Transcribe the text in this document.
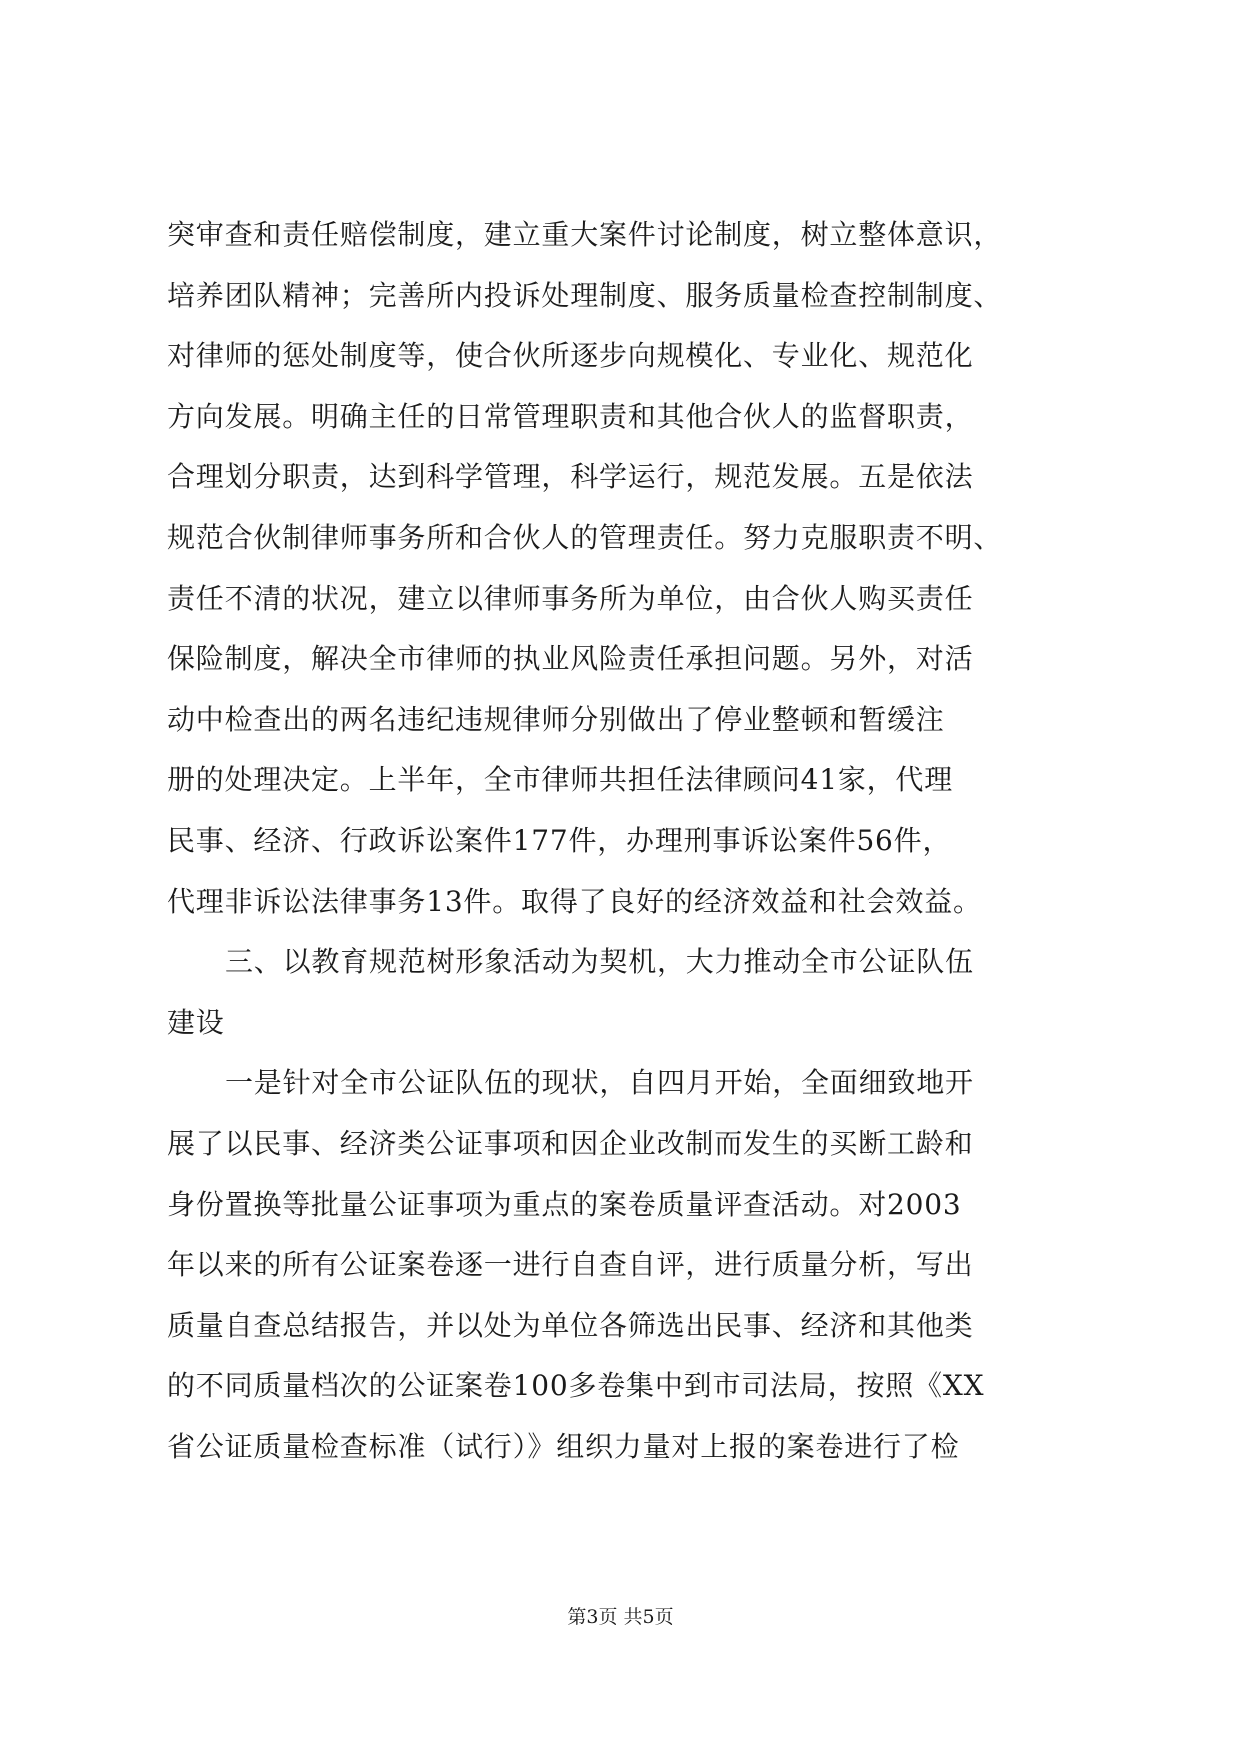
突审查和责任赔偿制度，建立重大案件讨论制度，树立整体意识，
培养团队精神；完善所内投诉处理制度、服务质量检查控制制度、
对律师的惩处制度等，使合伙所逐步向规模化、专业化、规范化
方向发展。明确主任的日常管理职责和其他合伙人的监督职责，
合理划分职责，达到科学管理，科学运行，规范发展。五是依法
规范合伙制律师事务所和合伙人的管理责任。努力克服职责不明、
责任不清的状况，建立以律师事务所为单位，由合伙人购买责任
保险制度，解决全市律师的执业风险责任承担问题。另外，对活
动中检查出的两名违纪违规律师分别做出了停业整顿和暂缓注
册的处理决定。上半年，全市律师共担任法律顾问41家，代理
民事、经济、行政诉讼案件177件，办理刑事诉讼案件56件，
代理非诉讼法律事务13件。取得了良好的经济效益和社会效益。
三、以教育规范树形象活动为契机，大力推动全市公证队伍
建设
一是针对全市公证队伍的现状，自四月开始，全面细致地开
展了以民事、经济类公证事项和因企业改制而发生的买断工龄和
身份置换等批量公证事项为重点的案卷质量评查活动。对2003
年以来的所有公证案卷逐一进行自查自评，进行质量分析，写出
质量自查总结报告，并以处为单位各筛选出民事、经济和其他类
的不同质量档次的公证案卷100多卷集中到市司法局，按照《XX
省公证质量检查标准（试行）》组织力量对上报的案卷进行了检
第3页 共5页
